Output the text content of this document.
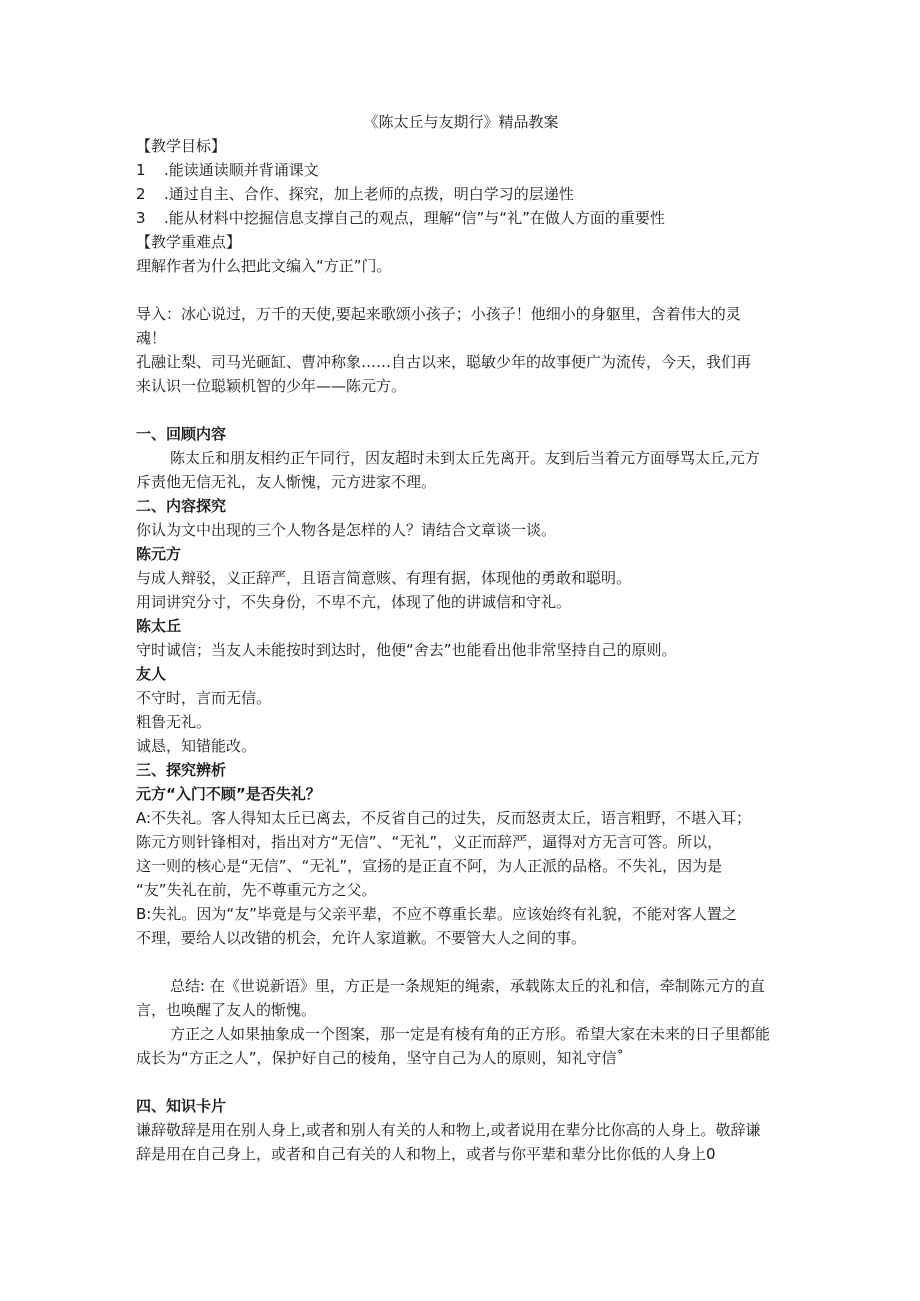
《陈太丘与友期行》精品教案

【教学目标】

1 .能读通读顺并背诵课文

2 .通过自主、合作、探究，加上老师的点拨，明白学习的层递性

3 .能从材料中挖掘信息支撑自己的观点，理解“信”与“礼”在做人方面的重要性

【教学重难点】

理解作者为什么把此文编入“方正”门。

导入：冰心说过，万千的天使,要起来歌颂小孩子；小孩子！他细小的身躯里，含着伟大的灵

魂！

孔融让梨、司马光砸缸、曹冲称象……自古以来，聪敏少年的故事便广为流传，今天，我们再

来认识一位聪颖机智的少年——陈元方。

一、回顾内容

陈太丘和朋友相约正午同行，因友超时未到太丘先离开。友到后当着元方面辱骂太丘,元方

斥责他无信无礼，友人惭愧，元方进家不理。

二、内容探究

你认为文中出现的三个人物各是怎样的人？请结合文章谈一谈。

陈元方

与成人辩驳，义正辞严，且语言简意赅、有理有据，体现他的勇敢和聪明。

用词讲究分寸，不失身份，不卑不亢，体现了他的讲诚信和守礼。

陈太丘

守时诚信；当友人未能按时到达时，他便“舍去”也能看出他非常坚持自己的原则。

友人

不守时，言而无信。

粗鲁无礼。

诚恳，知错能改。

三、探究辨析

元方“入门不顾”是否失礼？

A:不失礼。客人得知太丘已离去，不反省自己的过失，反而怒责太丘，语言粗野，不堪入耳；

陈元方则针锋相对，指出对方“无信”、“无礼”，义正而辞严，逼得对方无言可答。所以，

这一则的核心是“无信”、“无礼”，宣扬的是正直不阿，为人正派的品格。不失礼，因为是

“友”失礼在前，先不尊重元方之父。

B:失礼。因为“友”毕竟是与父亲平辈，不应不尊重长辈。应该始终有礼貌，不能对客人置之

不理，要给人以改错的机会，允许人家道歉。不要管大人之间的事。

总结: 在《世说新语》里，方正是一条规矩的绳索，承载陈太丘的礼和信，牵制陈元方的直

言，也唤醒了友人的惭愧。

方正之人如果抽象成一个图案，那一定是有棱有角的正方形。希望大家在未来的日子里都能

成长为“方正之人”，保护好自己的棱角，坚守自己为人的原则，知礼守信˚

四、知识卡片

谦辞敬辞是用在别人身上,或者和别人有关的人和物上,或者说用在辈分比你高的人身上。敬辞谦

辞是用在自己身上，或者和自己有关的人和物上，或者与你平辈和辈分比你低的人身上0
